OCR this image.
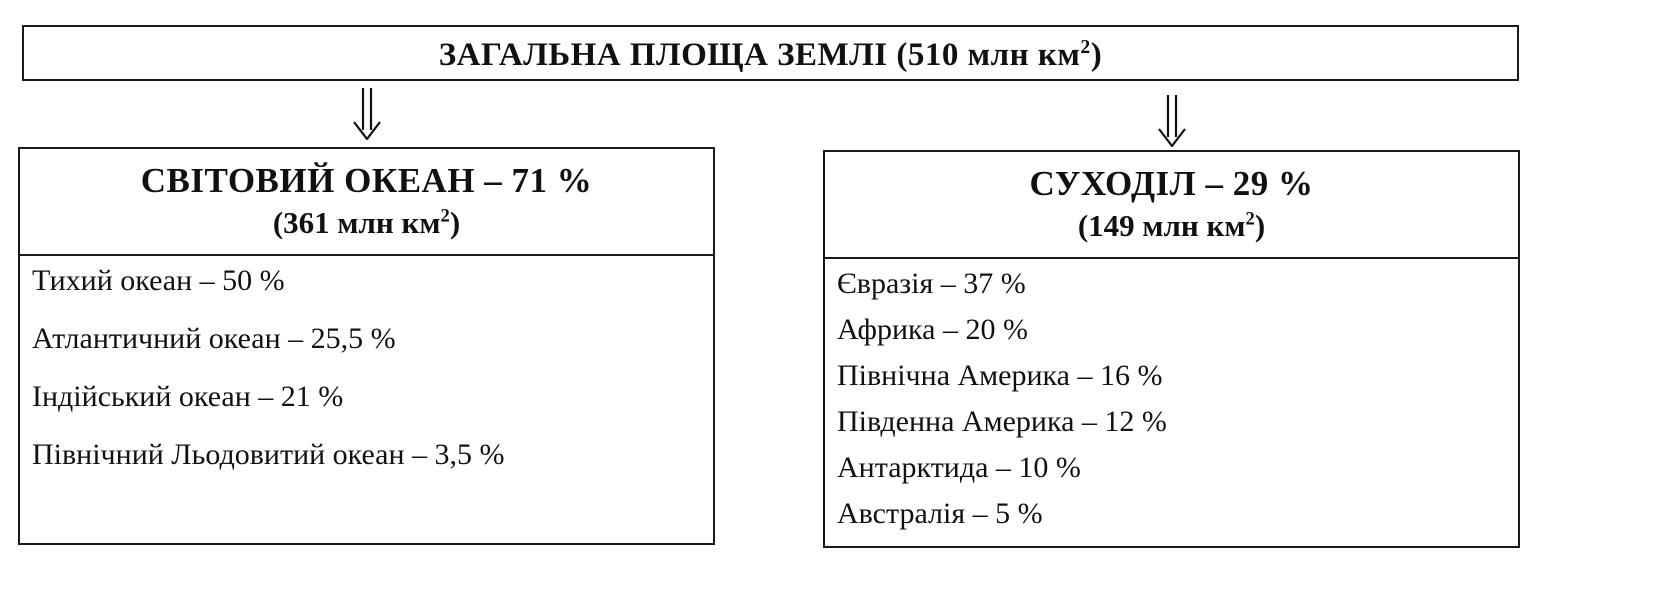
ЗАГАЛЬНА ПЛОЩА ЗЕМЛІ (510 млн $км^2$)
СВІТОВИЙ ОКЕАН – 71 %
(361 млн $км^2$)
Тихий океан – 50 %
Атлантичний океан – 25,5 %
Індійський океан – 21 %
Північний Льодовитий океан – 3,5 %
СУХОДІЛ – 29 %
(149 млн $км^2$)
Євразія – 37 %
Африка – 20 %
Північна Америка – 16 %
Південна Америка – 12 %
Антарктида – 10 %
Австралія – 5 %
